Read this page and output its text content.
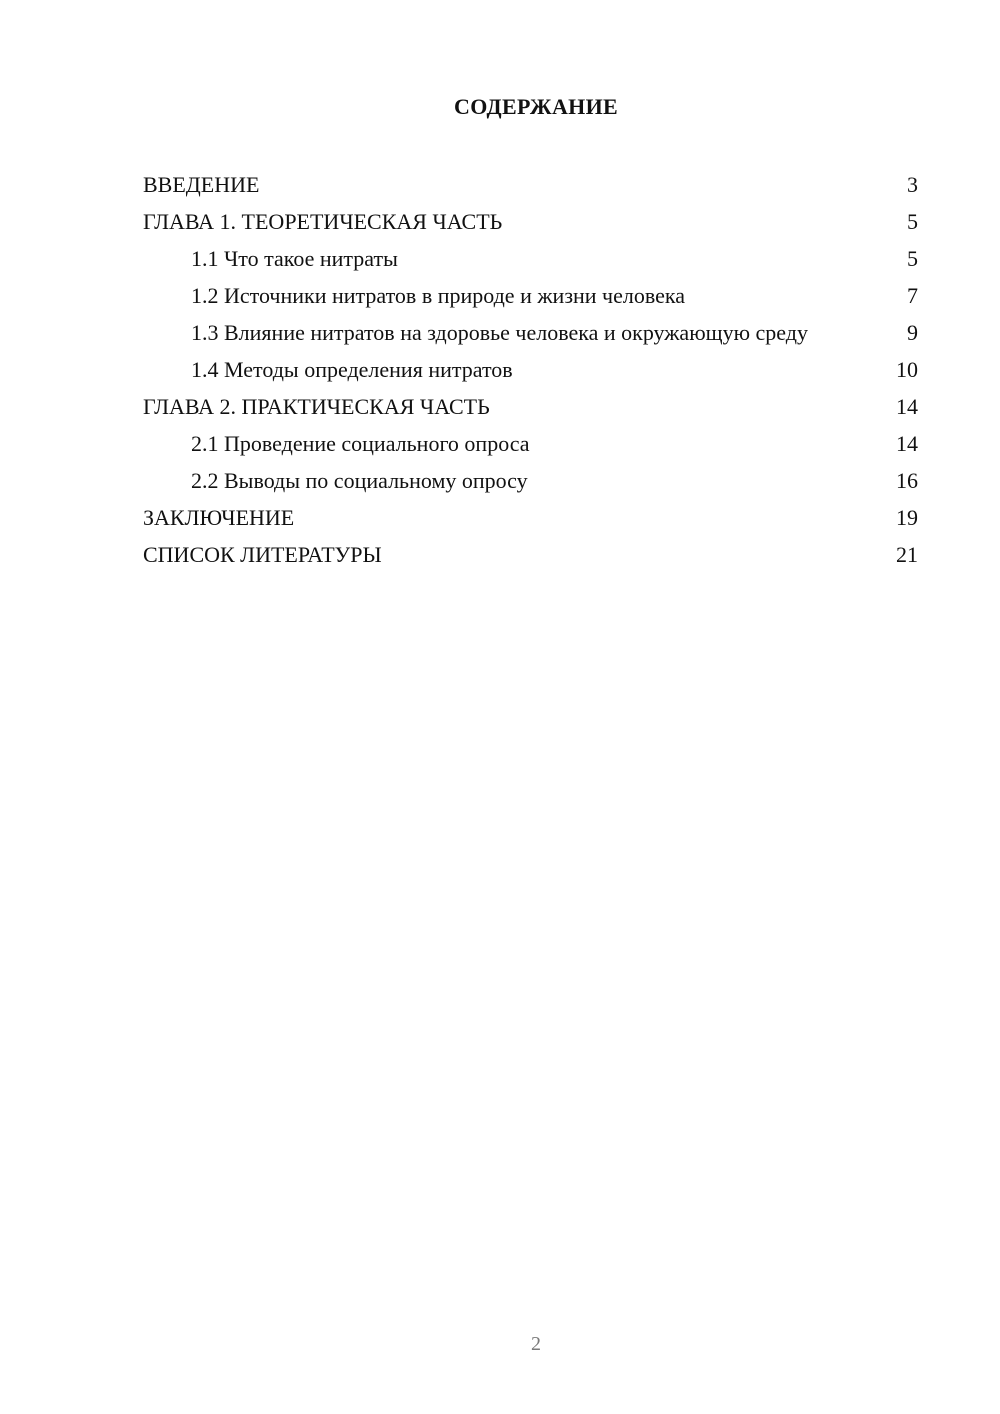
СОДЕРЖАНИЕ
ВВЕДЕНИЕ	3
ГЛАВА 1. ТЕОРЕТИЧЕСКАЯ ЧАСТЬ	5
1.1 Что такое нитраты	5
1.2 Источники нитратов в природе и жизни человека	7
1.3 Влияние нитратов на здоровье человека и окружающую среду	9
1.4 Методы определения нитратов	10
ГЛАВА 2. ПРАКТИЧЕСКАЯ ЧАСТЬ	14
2.1 Проведение социального опроса	14
2.2 Выводы по социальному опросу	16
ЗАКЛЮЧЕНИЕ	19
СПИСОК ЛИТЕРАТУРЫ	21
2
